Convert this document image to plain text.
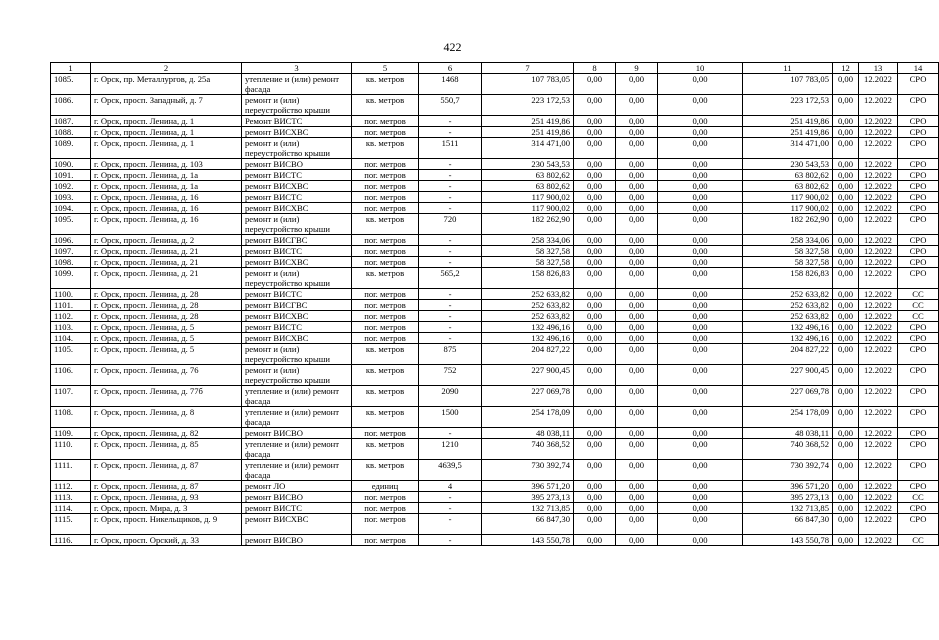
422
1	2	3	5	6	7	8	9	10	11	12	13	14
1085.	г. Орск, пр. Металлургов, д. 25а	утепление и (или) ремонт фасада	кв. метров	1468	107 783,05	0,00	0,00	0,00	107 783,05	0,00	12.2022	СРО
1086.	г. Орск, просп. Западный, д. 7	ремонт и (или) переустройство крыши	кв. метров	550,7	223 172,53	0,00	0,00	0,00	223 172,53	0,00	12.2022	СРО
1087.	г. Орск, просп. Ленина, д. 1	Ремонт ВИСТС	пог. метров	-	251 419,86	0,00	0,00	0,00	251 419,86	0,00	12.2022	СРО
1088.	г. Орск, просп. Ленина, д. 1	ремонт ВИСХВС	пог. метров	-	251 419,86	0,00	0,00	0,00	251 419,86	0,00	12.2022	СРО
1089.	г. Орск, просп. Ленина, д. 1	ремонт и (или) переустройство крыши	кв. метров	1511	314 471,00	0,00	0,00	0,00	314 471,00	0,00	12.2022	СРО
1090.	г. Орск, просп. Ленина, д. 103	ремонт ВИСВО	пог. метров	-	230 543,53	0,00	0,00	0,00	230 543,53	0,00	12.2022	СРО
1091.	г. Орск, просп. Ленина, д. 1а	ремонт ВИСТС	пог. метров	-	63 802,62	0,00	0,00	0,00	63 802,62	0,00	12.2022	СРО
1092.	г. Орск, просп. Ленина, д. 1а	ремонт ВИСХВС	пог. метров	-	63 802,62	0,00	0,00	0,00	63 802,62	0,00	12.2022	СРО
1093.	г. Орск, просп. Ленина, д. 16	ремонт ВИСТС	пог. метров	-	117 900,02	0,00	0,00	0,00	117 900,02	0,00	12.2022	СРО
1094.	г. Орск, просп. Ленина, д. 16	ремонт ВИСХВС	пог. метров	-	117 900,02	0,00	0,00	0,00	117 900,02	0,00	12.2022	СРО
1095.	г. Орск, просп. Ленина, д. 16	ремонт и (или) переустройство крыши	кв. метров	720	182 262,90	0,00	0,00	0,00	182 262,90	0,00	12.2022	СРО
1096.	г. Орск, просп. Ленина, д. 2	ремонт ВИСГВС	пог. метров	-	258 334,06	0,00	0,00	0,00	258 334,06	0,00	12.2022	СРО
1097.	г. Орск, просп. Ленина, д. 21	ремонт ВИСТС	пог. метров	-	58 327,58	0,00	0,00	0,00	58 327,58	0,00	12.2022	СРО
1098.	г. Орск, просп. Ленина, д. 21	ремонт ВИСХВС	пог. метров	-	58 327,58	0,00	0,00	0,00	58 327,58	0,00	12.2022	СРО
1099.	г. Орск, просп. Ленина, д. 21	ремонт и (или) переустройство крыши	кв. метров	565,2	158 826,83	0,00	0,00	0,00	158 826,83	0,00	12.2022	СРО
1100.	г. Орск, просп. Ленина, д. 28	ремонт ВИСТС	пог. метров	-	252 633,82	0,00	0,00	0,00	252 633,82	0,00	12.2022	СС
1101.	г. Орск, просп. Ленина, д. 28	ремонт ВИСГВС	пог. метров	-	252 633,82	0,00	0,00	0,00	252 633,82	0,00	12.2022	СС
1102.	г. Орск, просп. Ленина, д. 28	ремонт ВИСХВС	пог. метров	-	252 633,82	0,00	0,00	0,00	252 633,82	0,00	12.2022	СС
1103.	г. Орск, просп. Ленина, д. 5	ремонт ВИСТС	пог. метров	-	132 496,16	0,00	0,00	0,00	132 496,16	0,00	12.2022	СРО
1104.	г. Орск, просп. Ленина, д. 5	ремонт ВИСХВС	пог. метров	-	132 496,16	0,00	0,00	0,00	132 496,16	0,00	12.2022	СРО
1105.	г. Орск, просп. Ленина, д. 5	ремонт и (или) переустройство крыши	кв. метров	875	204 827,22	0,00	0,00	0,00	204 827,22	0,00	12.2022	СРО
1106.	г. Орск, просп. Ленина, д. 76	ремонт и (или) переустройство крыши	кв. метров	752	227 900,45	0,00	0,00	0,00	227 900,45	0,00	12.2022	СРО
1107.	г. Орск, просп. Ленина, д. 77б	утепление и (или) ремонт фасада	кв. метров	2090	227 069,78	0,00	0,00	0,00	227 069,78	0,00	12.2022	СРО
1108.	г. Орск, просп. Ленина, д. 8	утепление и (или) ремонт фасада	кв. метров	1500	254 178,09	0,00	0,00	0,00	254 178,09	0,00	12.2022	СРО
1109.	г. Орск, просп. Ленина, д. 82	ремонт ВИСВО	пог. метров	-	48 038,11	0,00	0,00	0,00	48 038,11	0,00	12.2022	СРО
1110.	г. Орск, просп. Ленина, д. 85	утепление и (или) ремонт фасада	кв. метров	1210	740 368,52	0,00	0,00	0,00	740 368,52	0,00	12.2022	СРО
1111.	г. Орск, просп. Ленина, д. 87	утепление и (или) ремонт фасада	кв. метров	4639,5	730 392,74	0,00	0,00	0,00	730 392,74	0,00	12.2022	СРО
1112.	г. Орск, просп. Ленина, д. 87	ремонт ЛО	единиц	4	396 571,20	0,00	0,00	0,00	396 571,20	0,00	12.2022	СРО
1113.	г. Орск, просп. Ленина, д. 93	ремонт ВИСВО	пог. метров	-	395 273,13	0,00	0,00	0,00	395 273,13	0,00	12.2022	СС
1114.	г. Орск, просп. Мира, д. 3	ремонт ВИСТС	пог. метров	-	132 713,85	0,00	0,00	0,00	132 713,85	0,00	12.2022	СРО
1115.	г. Орск, просп. Никельщиков, д. 9	ремонт ВИСХВС	пог. метров	-	66 847,30	0,00	0,00	0,00	66 847,30	0,00	12.2022	СРО
1116.	г. Орск, просп. Орский, д. 33	ремонт ВИСВО	пог. метров	-	143 550,78	0,00	0,00	0,00	143 550,78	0,00	12.2022	СС
